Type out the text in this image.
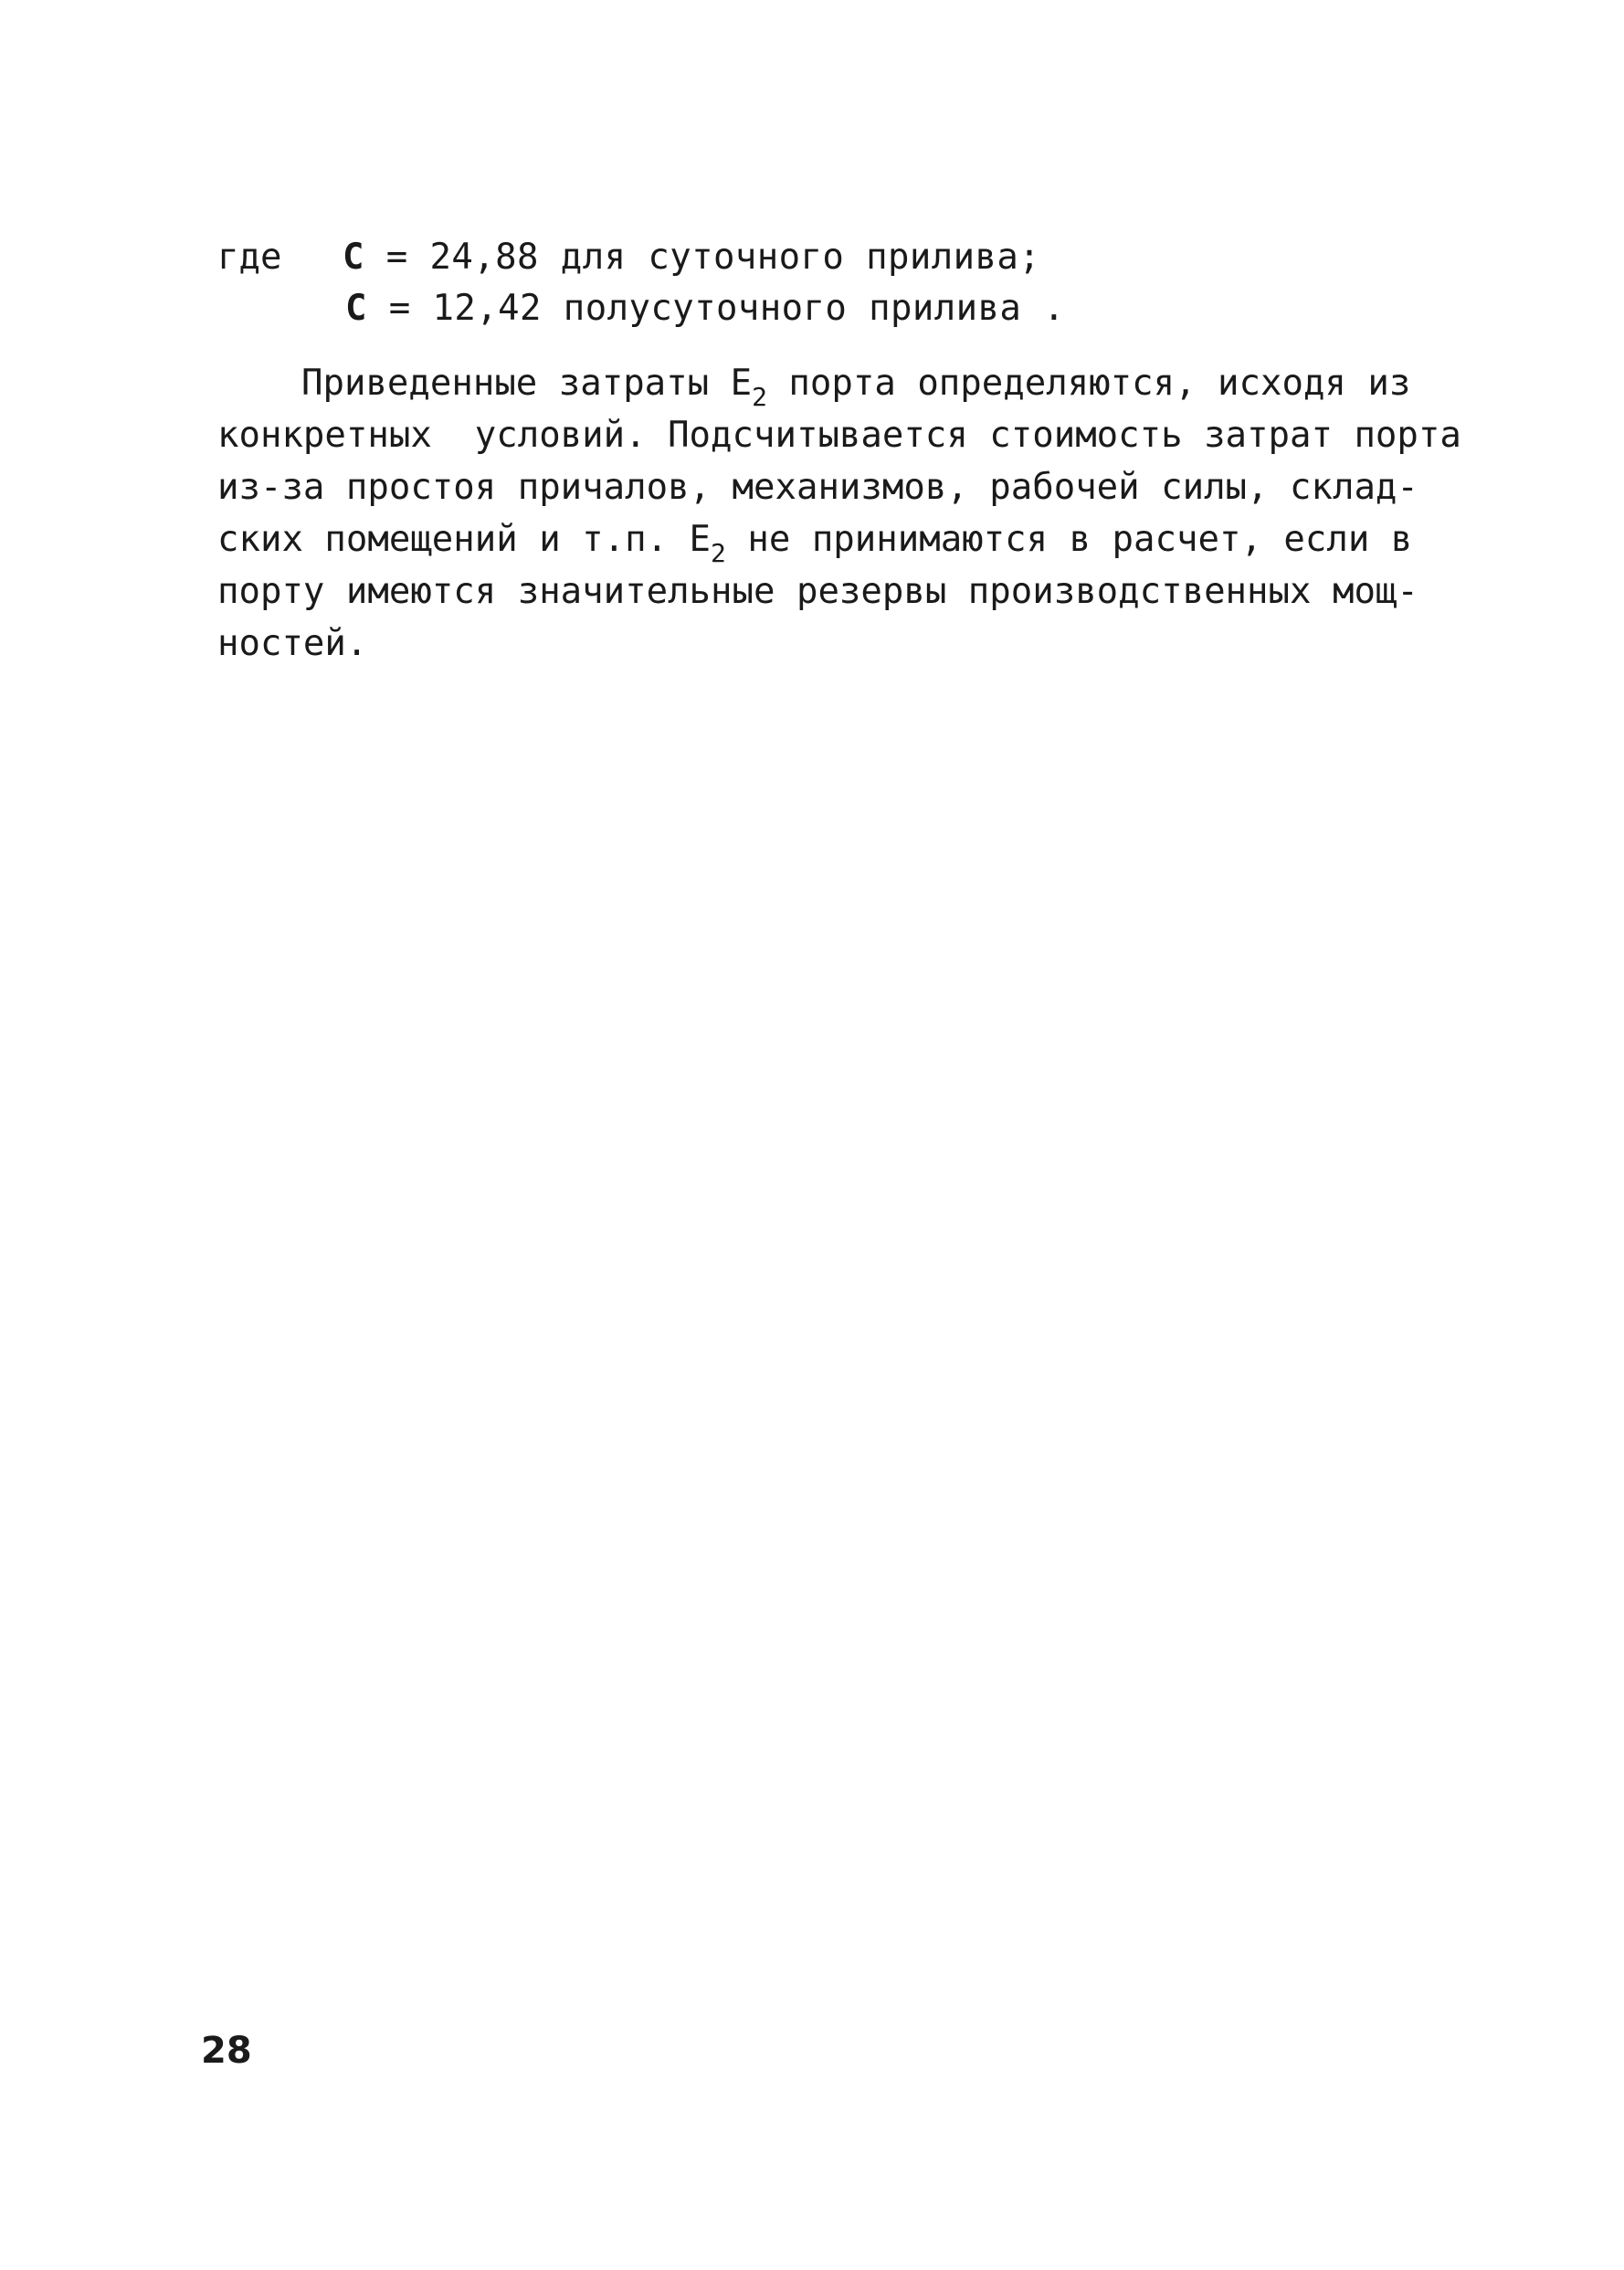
где C = 24,88 для суточного прилива;
C = 12,42 полусуточного прилива .
Приведенные затраты $E_2$ порта определяются, исходя из
конкретных  условий. Подсчитывается стоимость затрат порта
из-за простоя причалов, механизмов, рабочей силы, склад-
ских помещений и т.п. $E_2$ не принимаются в расчет, если в
порту имеются значительные резервы производственных мощ-
ностей.
28
